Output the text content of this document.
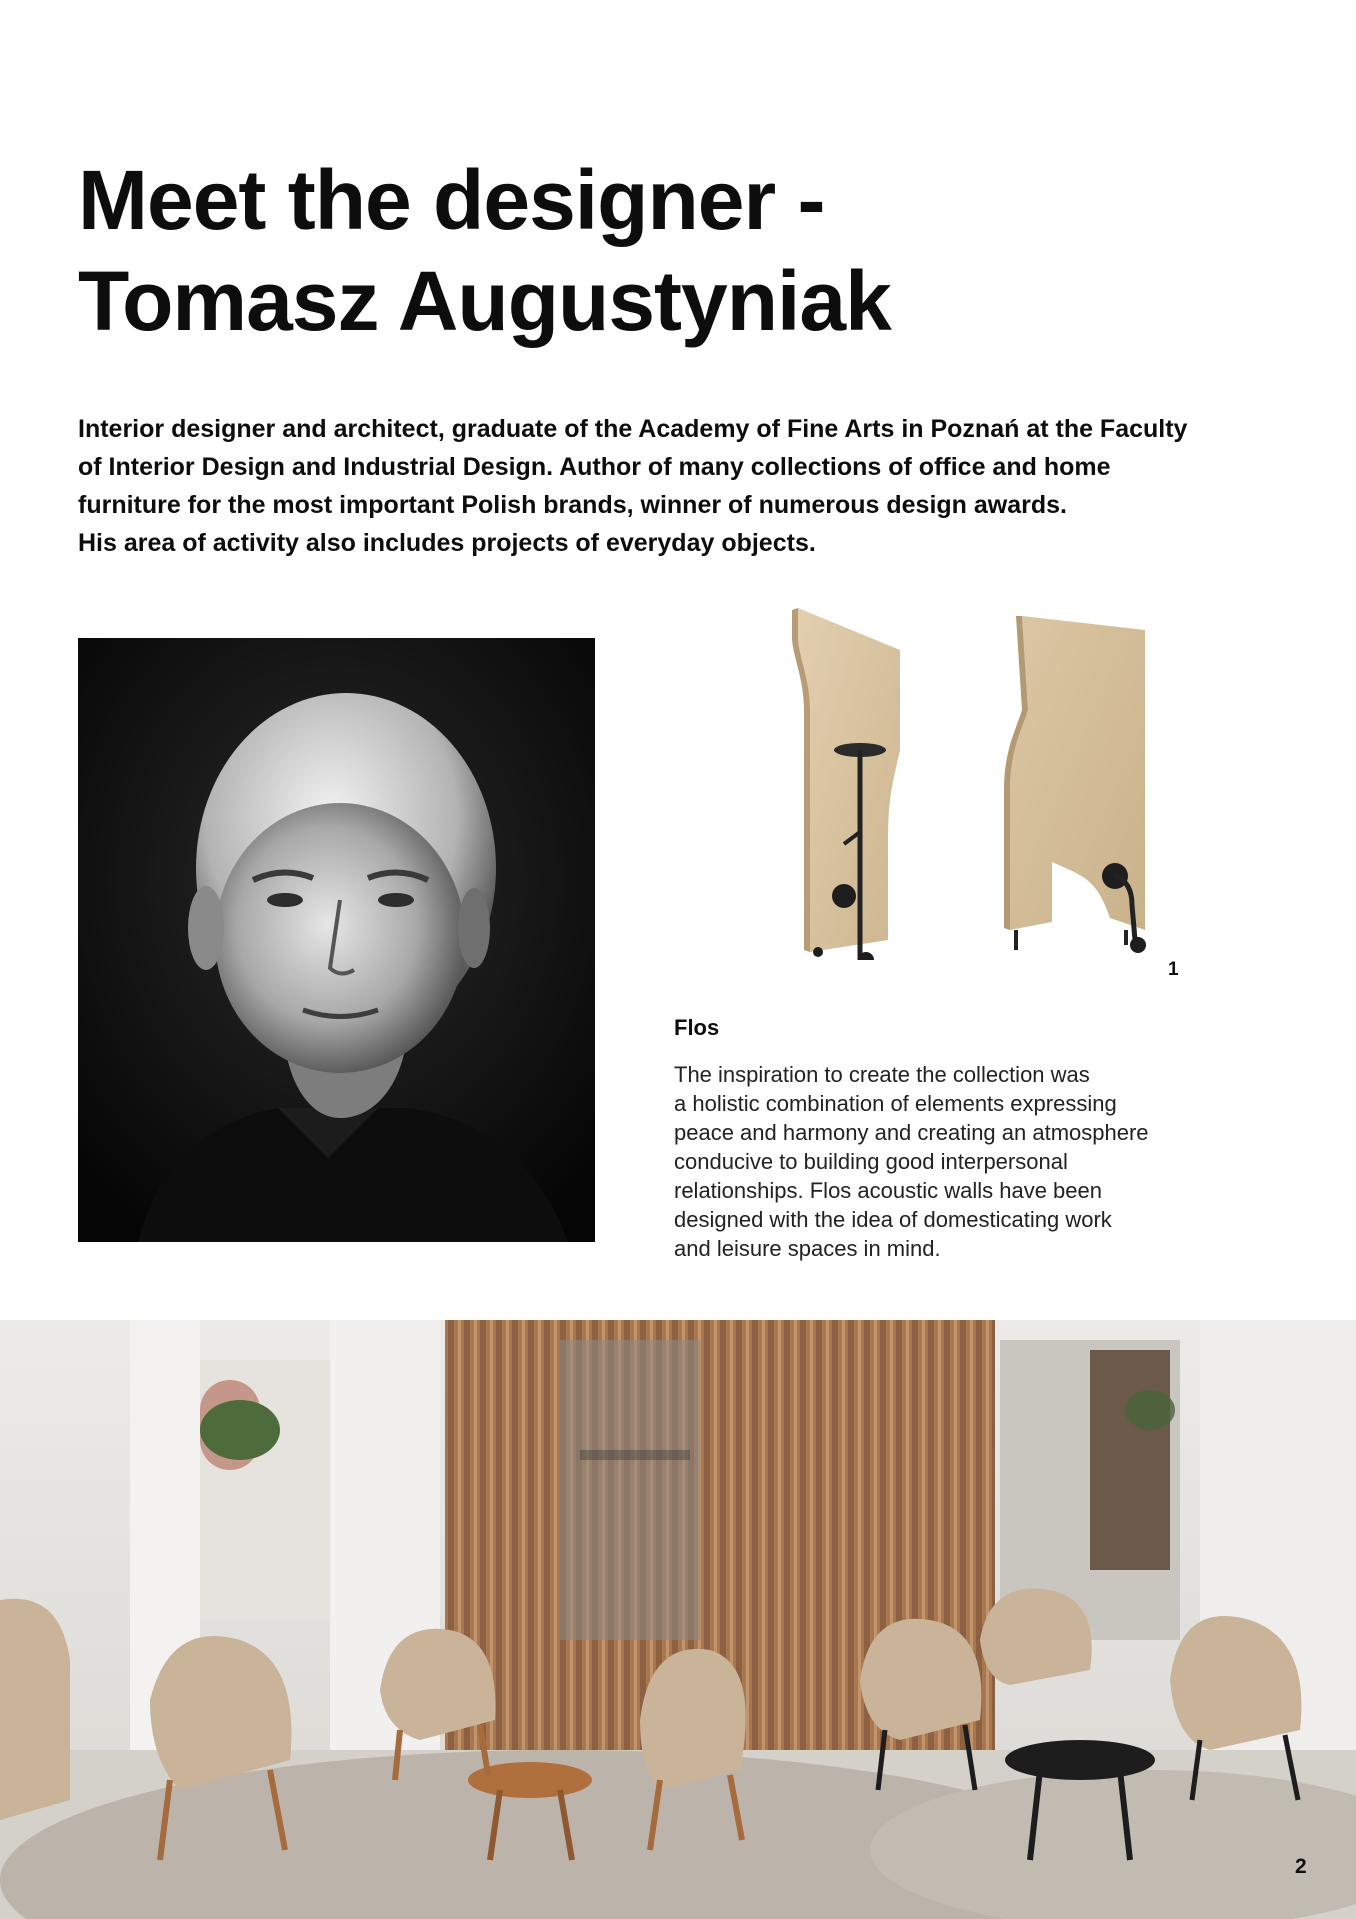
Meet the designer -
Tomasz Augustyniak

Interior designer and architect, graduate of the Academy of Fine Arts in Poznań at the Faculty
of Interior Design and Industrial Design. Author of many collections of office and home
furniture for the most important Polish brands, winner of numerous design awards.
His area of activity also includes projects of everyday objects.

1
Flos

The inspiration to create the collection was
a holistic combination of elements expressing
peace and harmony and creating an atmosphere
conducive to building good interpersonal
relationships. Flos acoustic walls have been
designed with the idea of domesticating work
and leisure spaces in mind.

2
